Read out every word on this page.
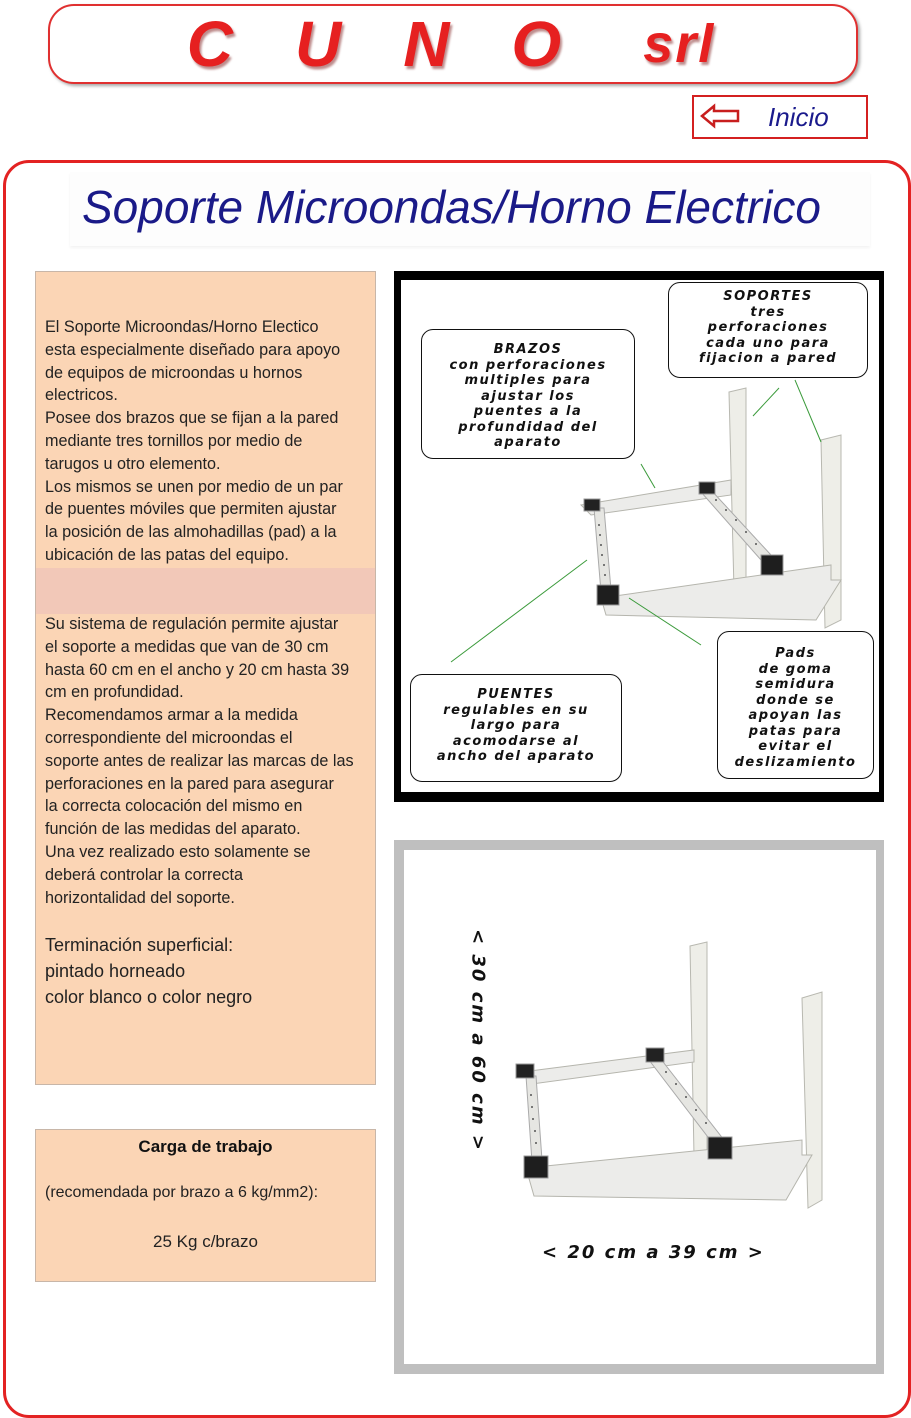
CUNO srl
Inicio
Soporte Microondas/Horno Electrico
El Soporte Microondas/Horno Electico
esta especialmente diseñado para apoyo
de equipos de microondas u hornos
electricos.
Posee dos brazos que se fijan a la pared
mediante tres tornillos por medio de
tarugos u otro elemento.
Los mismos se unen por medio de un par
de puentes móviles que permiten ajustar
la posición de las almohadillas (pad) a la
ubicación de las patas del equipo.
Su sistema de regulación permite ajustar
el soporte a medidas que van de 30 cm
hasta 60 cm en el ancho y 20 cm hasta 39
cm en profundidad.
Recomendamos armar a la medida
correspondiente del microondas el
soporte antes de realizar las marcas de las
perforaciones en la pared para asegurar
la correcta colocación del mismo en
función de las medidas del aparato.
Una vez realizado esto solamente se
deberá controlar la correcta
horizontalidad del soporte.
Terminación superficial:
pintado horneado
color blanco o color negro
Carga de trabajo
(recomendada por brazo a 6 kg/mm2):
25 Kg c/brazo
BRAZOS
con perforaciones
multiples para
ajustar los
puentes a la
profundidad del
aparato
SOPORTES
tres
perforaciones
cada uno para
fijacion a pared
PUENTES
regulables en su
largo para
acomodarse al
ancho del aparato
Pads
de goma
semidura
donde se
apoyan las
patas para
evitar el
deslizamiento
< 30 cm a 60 cm >
< 20 cm a 39 cm >
